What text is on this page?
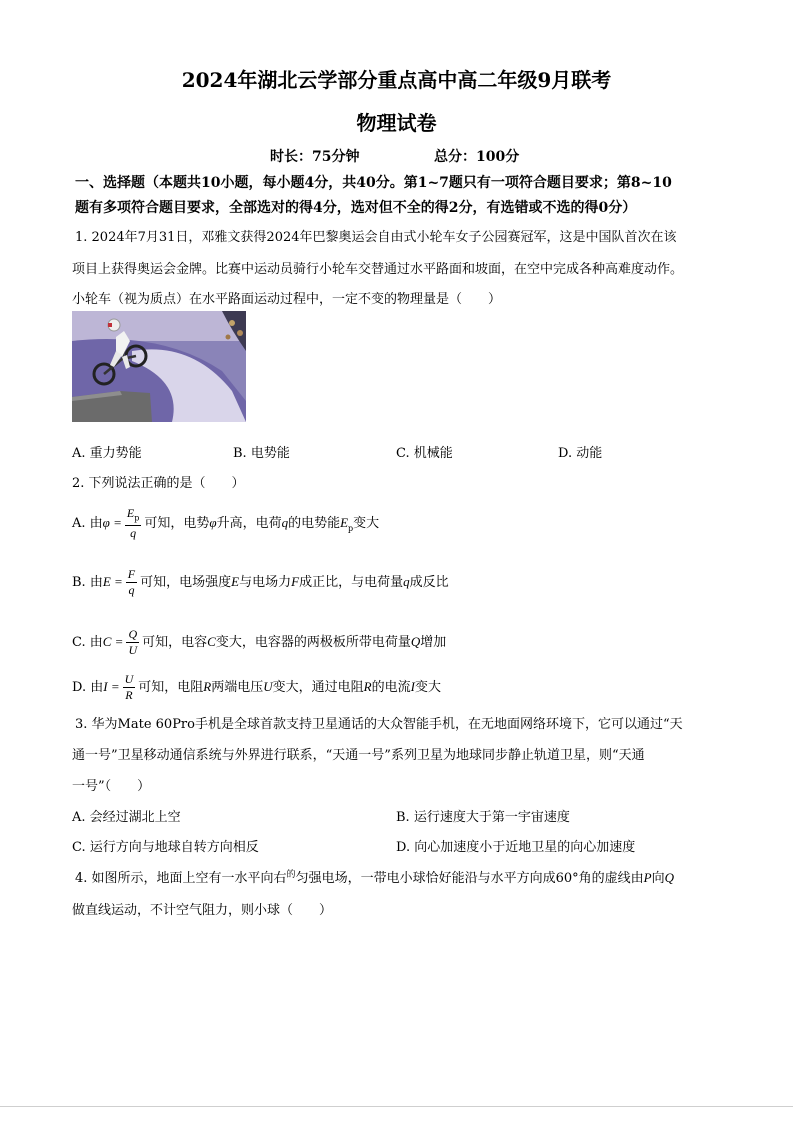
2024年湖北云学部分重点高中高二年级9月联考
物理试卷
时长：75分钟	总分：100分
一、选择题（本题共10小题，每小题4分，共40分。第1~7题只有一项符合题目要求；第8~10
题有多项符合题目要求，全部选对的得4分，选对但不全的得2分，有选错或不选的得0分）
1. 2024年7月31日，邓雅文获得2024年巴黎奥运会自由式小轮车女子公园赛冠军，这是中国队首次在该
项目上获得奥运会金牌。比赛中运动员骑行小轮车交替通过水平路面和坡面，在空中完成各种高难度动作。
小轮车（视为质点）在水平路面运动过程中，一定不变的物理量是（　　）
A. 重力势能	B. 电势能	C. 机械能	D. 动能
2. 下列说法正确的是（　　）
A. 由$\varphi = \frac{E_p}{q}$ 可知，电势φ升高，电荷q的电势能$E_p$变大
B. 由$E = \frac{F}{q}$ 可知，电场强度E与电场力F成正比，与电荷量q成反比
C. 由$C = \frac{Q}{U}$ 可知，电容C变大，电容器的两极板所带电荷量Q增加
D. 由$I = \frac{U}{R}$ 可知，电阻R两端电压U变大，通过电阻R的电流I变大
3. 华为Mate 60Pro手机是全球首款支持卫星通话的大众智能手机，在无地面网络环境下，它可以通过“天
通一号”卫星移动通信系统与外界进行联系，“天通一号”系列卫星为地球同步静止轨道卫星，则“天通
一号”（　　）
A. 会经过湖北上空	B. 运行速度大于第一宇宙速度
C. 运行方向与地球自转方向相反	D. 向心加速度小于近地卫星的向心加速度
4. 如图所示，地面上空有一水平向右$^的$匀强电场，一带电小球恰好能沿与水平方向成60°角的虚线由P向Q
做直线运动，不计空气阻力，则小球（　　）
